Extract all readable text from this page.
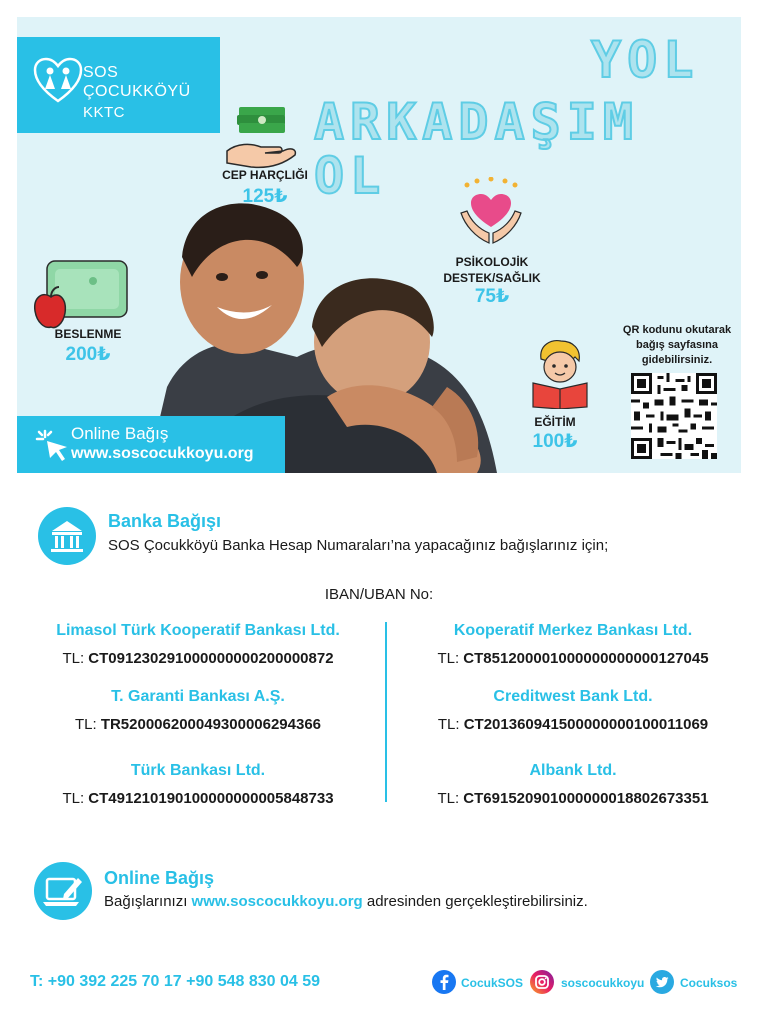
SOS
ÇOCUKKÖYÜ
KKTC
YOL
ARKADAŞIM OL
CEP HARÇLIĞI
125₺
PSİKOLOJİK
DESTEK/SAĞLIK
75₺
BESLENME
200₺
EĞİTİM
100₺
QR kodunu okutarak
bağış sayfasına
gidebilirsiniz.
Online Bağış
www.soscocukkoyu.org
Banka Bağışı
SOS Çocukköyü Banka Hesap Numaraları’na yapacağınız bağışlarınız için;
IBAN/UBAN No:
Limasol Türk Kooperatif Bankası Ltd.
TL: CT091230291000000000200000872
T. Garanti Bankası A.Ş.
TL: TR520006200049300006294366
Türk Bankası Ltd.
TL: CT491210190100000000005848733
Kooperatif Merkez Bankası Ltd.
TL: CT851200001000000000000127045
Creditwest Bank Ltd.
TL: CT201360941500000000100011069
Albank Ltd.
TL: CT691520901000000018802673351
Online Bağış
Bağışlarınızı www.soscocukkoyu.org adresinden gerçekleştirebilirsiniz.
T: +90 392 225 70 17 +90 548 830 04 59	CocukSOS	soscocukkoyu	Cocuksos
